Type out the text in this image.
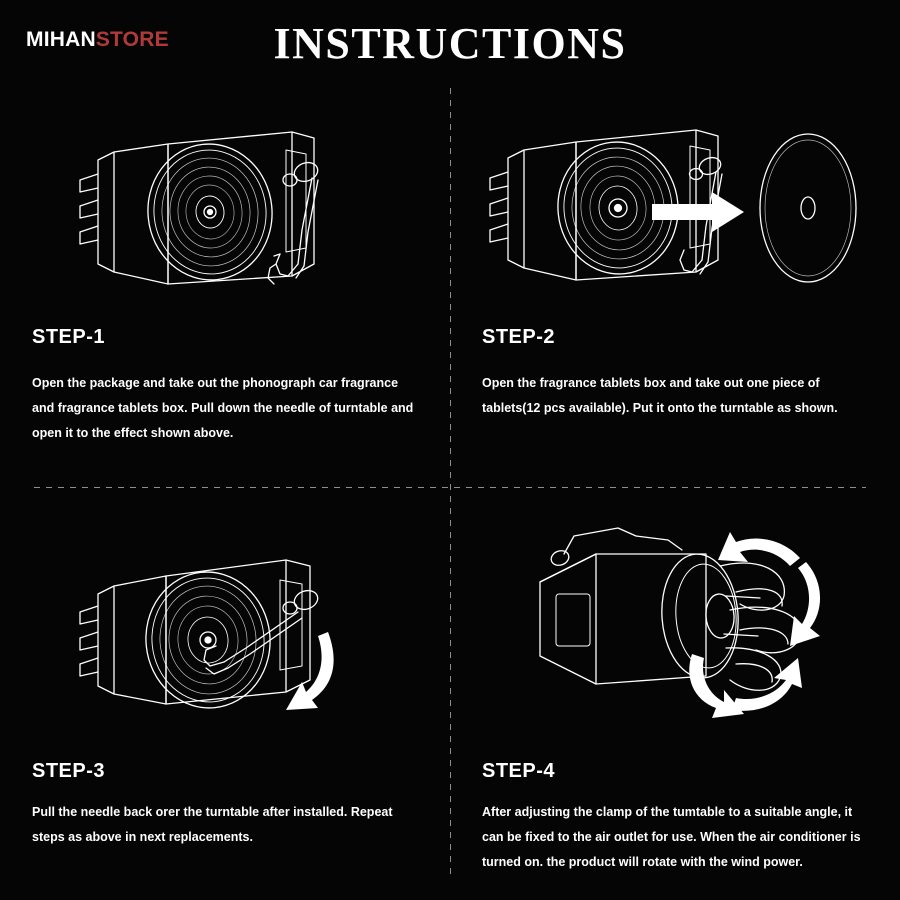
MIHANSTORE	INSTRUCTIONS
STEP-1
Open the package and take out the phonograph car fragrance and fragrance tablets box. Pull down the needle of turntable and open it to the effect shown above.
STEP-2
Open the fragrance tablets box and take out one piece of tablets(12 pcs available). Put it onto the turntable as shown.
STEP-3
Pull the needle back orer the turntable after installed. Repeat steps as above in next replacements.
STEP-4
After adjusting the clamp of the tumtable to a suitable angle, it can be fixed to the air outlet for use. When the air conditioner is turned on. the product will rotate with the wind power.
